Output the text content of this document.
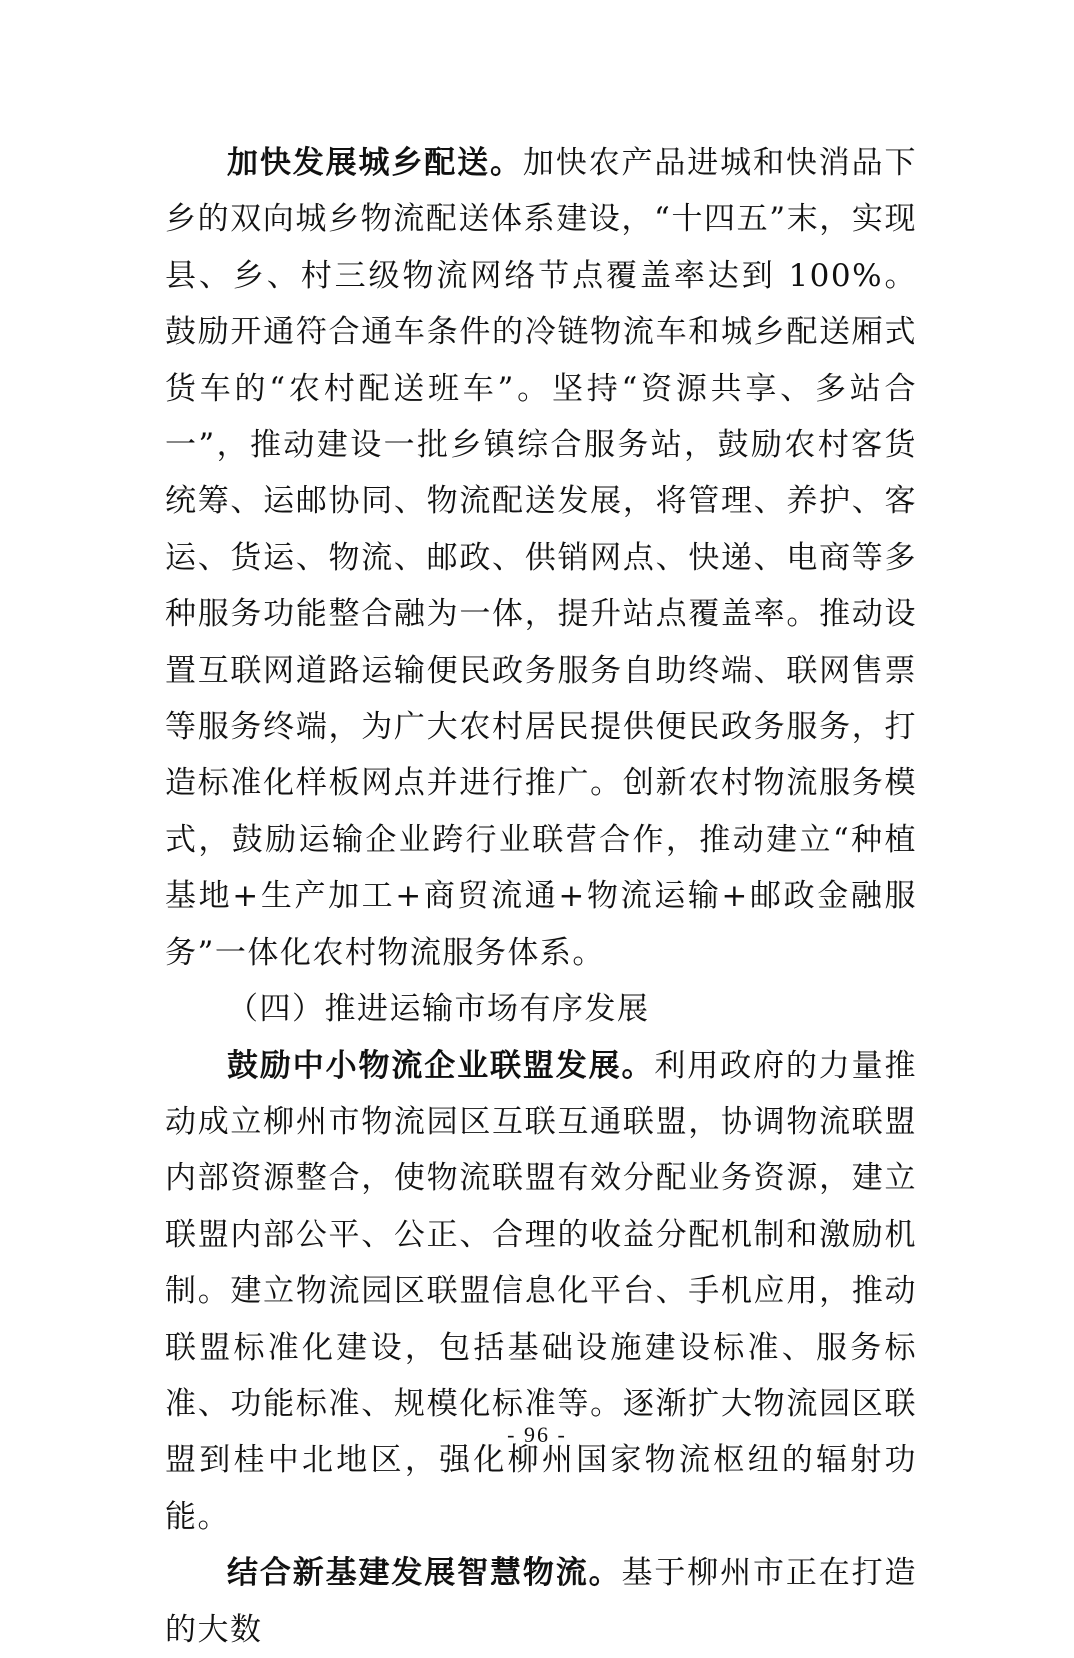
加快发展城乡配送。加快农产品进城和快消品下乡的双向城乡物流配送体系建设，“十四五”末，实现县、乡、村三级物流网络节点覆盖率达到 100%。鼓励开通符合通车条件的冷链物流车和城乡配送厢式货车的“农村配送班车”。坚持“资源共享、多站合一”，推动建设一批乡镇综合服务站，鼓励农村客货统筹、运邮协同、物流配送发展，将管理、养护、客运、货运、物流、邮政、供销网点、快递、电商等多种服务功能整合融为一体，提升站点覆盖率。推动设置互联网道路运输便民政务服务自助终端、联网售票等服务终端，为广大农村居民提供便民政务服务，打造标准化样板网点并进行推广。创新农村物流服务模式，鼓励运输企业跨行业联营合作，推动建立“种植基地+生产加工+商贸流通+物流运输+邮政金融服务”一体化农村物流服务体系。

（四）推进运输市场有序发展

鼓励中小物流企业联盟发展。利用政府的力量推动成立柳州市物流园区互联互通联盟，协调物流联盟内部资源整合，使物流联盟有效分配业务资源，建立联盟内部公平、公正、合理的收益分配机制和激励机制。建立物流园区联盟信息化平台、手机应用，推动联盟标准化建设，包括基础设施建设标准、服务标准、功能标准、规模化标准等。逐渐扩大物流园区联盟到桂中北地区，强化柳州国家物流枢纽的辐射功能。

结合新基建发展智慧物流。基于柳州市正在打造的大数

- 96 -
